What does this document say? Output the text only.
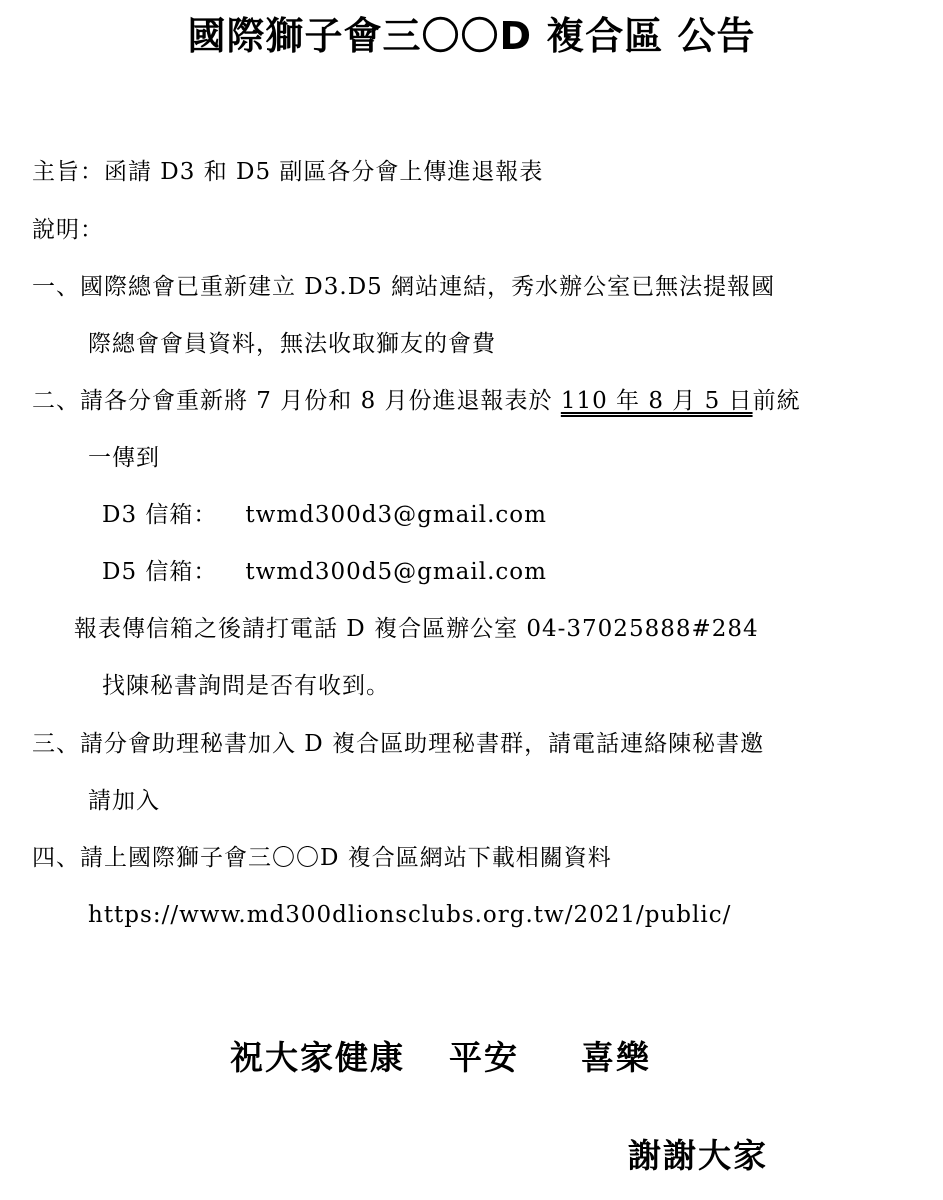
國際獅子會三〇〇D 複合區 公告
主旨：函請 D3 和 D5 副區各分會上傳進退報表
說明：
一、國際總會已重新建立 D3.D5 網站連結，秀水辦公室已無法提報國
際總會會員資料，無法收取獅友的會費
二、請各分會重新將 7 月份和 8 月份進退報表於 110 年 8 月 5 日前統
一傳到
D3 信箱： twmd300d3@gmail.com
D5 信箱： twmd300d5@gmail.com
報表傳信箱之後請打電話 D 複合區辦公室 04-37025888#284
找陳秘書詢問是否有收到。
三、請分會助理秘書加入 D 複合區助理秘書群，請電話連絡陳秘書邀
請加入
四、請上國際獅子會三〇〇D 複合區網站下載相關資料
https://www.md300dlionsclubs.org.tw/2021/public/
祝大家健康 平安 喜樂
謝謝大家
